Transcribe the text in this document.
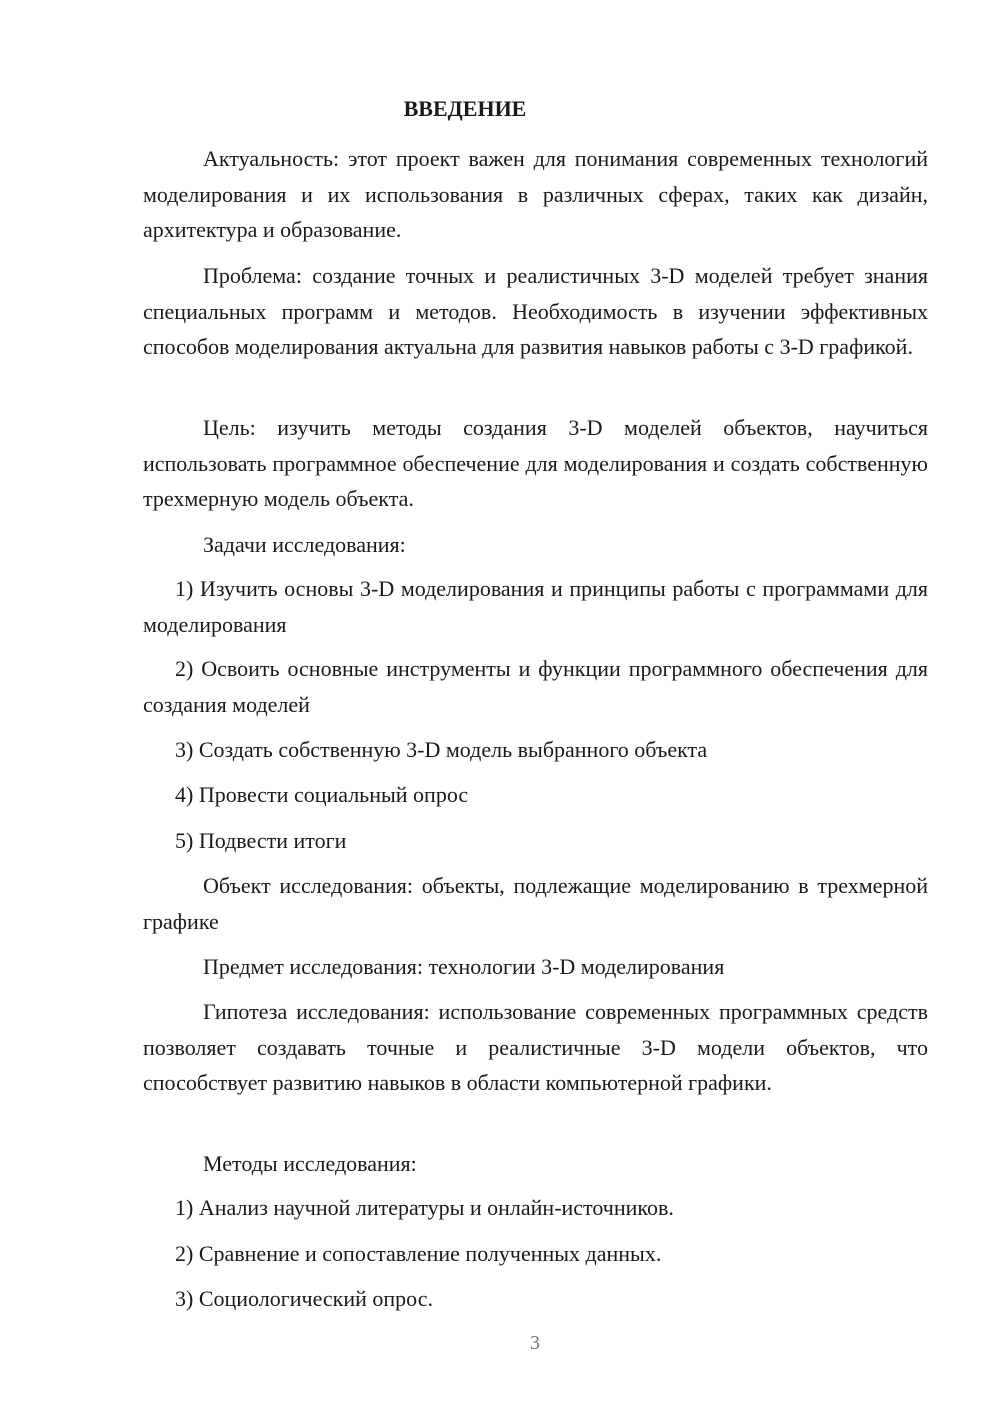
ВВЕДЕНИЕ
Актуальность: этот проект важен для понимания современных технологий моделирования и их использования в различных сферах, таких как дизайн, архитектура и образование.
Проблема: создание точных и реалистичных 3-D моделей требует знания специальных программ и методов. Необходимость в изучении эффективных способов моделирования актуальна для развития навыков работы с 3-D графикой.
Цель: изучить методы создания 3-D моделей объектов, научиться использовать программное обеспечение для моделирования и создать собственную трехмерную модель объекта.
Задачи исследования:
1) Изучить основы 3-D моделирования и принципы работы с программами для моделирования
2) Освоить основные инструменты и функции программного обеспечения для создания моделей
3) Создать собственную 3-D модель выбранного объекта
4) Провести социальный опрос
5) Подвести итоги
Объект исследования: объекты, подлежащие моделированию в трехмерной графике
Предмет исследования: технологии 3-D моделирования
Гипотеза исследования: использование современных программных средств позволяет создавать точные и реалистичные 3-D модели объектов, что способствует развитию навыков в области компьютерной графики.
Методы исследования:
1) Анализ научной литературы и онлайн-источников.
2) Сравнение и сопоставление полученных данных.
3) Социологический опрос.
3
